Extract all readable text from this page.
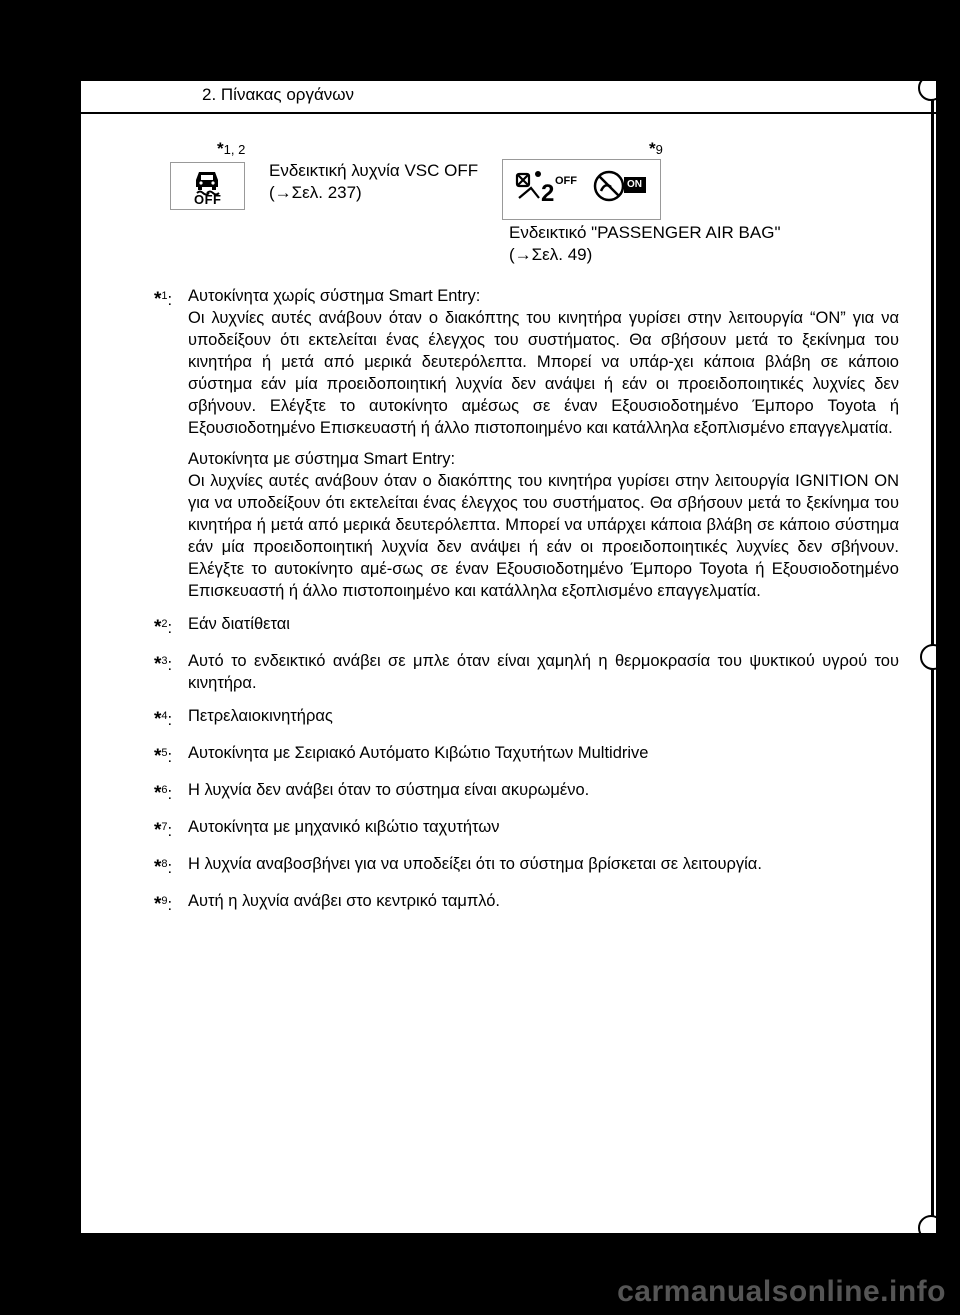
2. Πίνακας οργάνων
*1, 2
OFF
Ενδεικτική λυχνία VSC OFF
(→Σελ. 237)
*9
2 OFF	ON
Ενδεικτικό "PASSENGER AIR BAG"
(→Σελ. 49)
*$^1$: Αυτοκίνητα χωρίς σύστημα Smart Entry:
Οι λυχνίες αυτές ανάβουν όταν ο διακόπτης του κινητήρα γυρίσει στην λειτουργία “ON” για να υποδείξουν ότι εκτελείται ένας έλεγχος του συστήματος. Θα σβήσουν μετά το ξεκίνημα του κινητήρα ή μετά από μερικά δευτερόλεπτα. Μπορεί να υπάρ-χει κάποια βλάβη σε κάποιο σύστημα εάν μία προειδοποιητική λυχνία δεν ανάψει ή εάν οι προειδοποιητικές λυχνίες δεν σβήνουν. Ελέγξτε το αυτοκίνητο αμέσως σε έναν Εξουσιοδοτημένο Έμπορο Toyota ή Εξουσιοδοτημένο Επισκευαστή ή άλλο πιστοποιημένο και κατάλληλα εξοπλισμένο επαγγελματία.

Αυτοκίνητα με σύστημα Smart Entry:
Οι λυχνίες αυτές ανάβουν όταν ο διακόπτης του κινητήρα γυρίσει στην λειτουργία IGNITION ON για να υποδείξουν ότι εκτελείται ένας έλεγχος του συστήματος. Θα σβήσουν μετά το ξεκίνημα του κινητήρα ή μετά από μερικά δευτερόλεπτα. Μπορεί να υπάρχει κάποια βλάβη σε κάποιο σύστημα εάν μία προειδοποιητική λυχνία δεν ανάψει ή εάν οι προειδοποιητικές λυχνίες δεν σβήνουν. Ελέγξτε το αυτοκίνητο αμέ-σως σε έναν Εξουσιοδοτημένο Έμπορο Toyota ή Εξουσιοδοτημένο Επισκευαστή ή άλλο πιστοποιημένο και κατάλληλα εξοπλισμένο επαγγελματία.

*$^2$: Εάν διατίθεται
*$^3$: Αυτό το ενδεικτικό ανάβει σε μπλε όταν είναι χαμηλή η θερμοκρασία του ψυκτικού υγρού του κινητήρα.
*$^4$: Πετρελαιοκινητήρας
*$^5$: Αυτοκίνητα με Σειριακό Αυτόματο Κιβώτιο Ταχυτήτων Multidrive
*$^6$: Η λυχνία δεν ανάβει όταν το σύστημα είναι ακυρωμένο.
*$^7$: Αυτοκίνητα με μηχανικό κιβώτιο ταχυτήτων
*$^8$: Η λυχνία αναβοσβήνει για να υποδείξει ότι το σύστημα βρίσκεται σε λειτουργία.
*$^9$: Αυτή η λυχνία ανάβει στο κεντρικό ταμπλό.
carmanualsonline.info
